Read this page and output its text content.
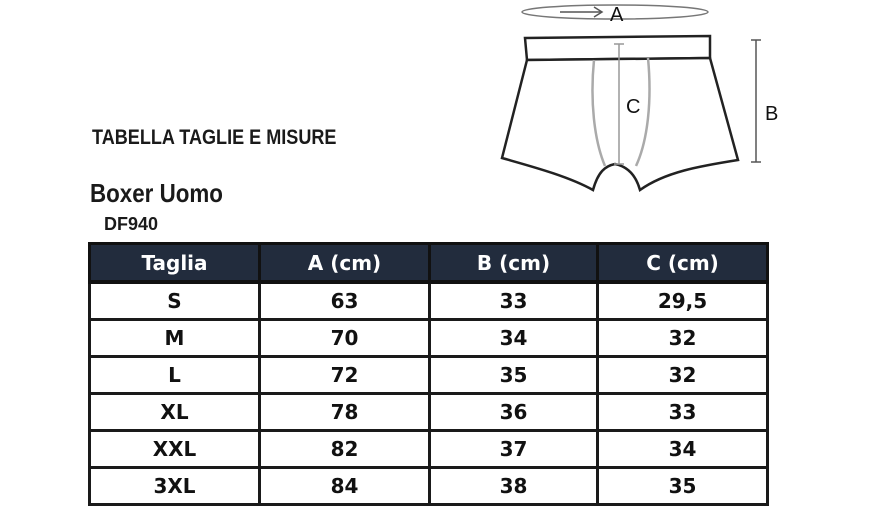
TABELLA TAGLIE E MISURE
Boxer Uomo
DF940
A
C	B
Taglia	A (cm)	B (cm)	C (cm)
S	63	33	29,5
M	70	34	32
L	72	35	32
XL	78	36	33
XXL	82	37	34
3XL	84	38	35
